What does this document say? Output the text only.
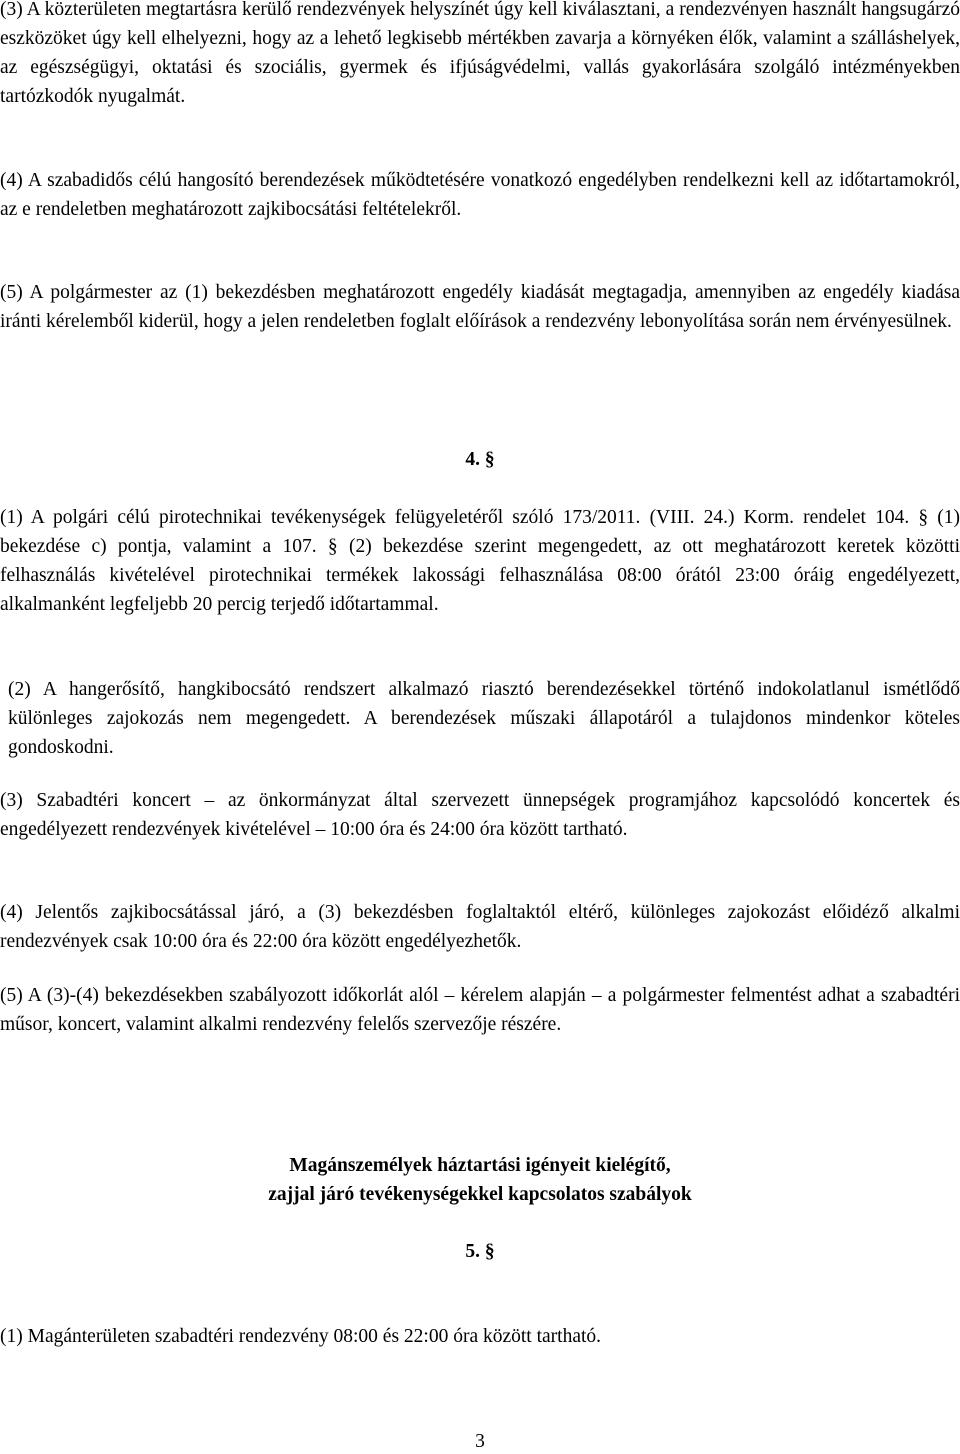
(3) A közterületen megtartásra kerülő rendezvények helyszínét úgy kell kiválasztani, a rendezvényen használt hangsugárzó eszközöket úgy kell elhelyezni, hogy az a lehető legkisebb mértékben zavarja a környéken élők, valamint a szálláshelyek, az egészségügyi, oktatási és szociális, gyermek és ifjúságvédelmi, vallás gyakorlására szolgáló intézményekben tartózkodók nyugalmát.

(4) A szabadidős célú hangosító berendezések működtetésére vonatkozó engedélyben rendelkezni kell az időtartamokról, az e rendeletben meghatározott zajkibocsátási feltételekről.

(5) A polgármester az (1) bekezdésben meghatározott engedély kiadását megtagadja, amennyiben az engedély kiadása iránti kérelemből kiderül, hogy a jelen rendeletben foglalt előírások a rendezvény lebonyolítása során nem érvényesülnek.

4. §

(1) A polgári célú pirotechnikai tevékenységek felügyeletéről szóló 173/2011. (VIII. 24.) Korm. rendelet 104. § (1) bekezdése c) pontja, valamint a 107. § (2) bekezdése szerint megengedett, az ott meghatározott keretek közötti felhasználás kivételével pirotechnikai termékek lakossági felhasználása 08:00 órától 23:00 óráig engedélyezett, alkalmanként legfeljebb 20 percig terjedő időtartammal.

(2) A hangerősítő, hangkibocsátó rendszert alkalmazó riasztó berendezésekkel történő indokolatlanul ismétlődő különleges zajokozás nem megengedett. A berendezések műszaki állapotáról a tulajdonos mindenkor köteles gondoskodni.

(3) Szabadtéri koncert – az önkormányzat által szervezett ünnepségek programjához kapcsolódó koncertek és engedélyezett rendezvények kivételével – 10:00 óra és 24:00 óra között tartható.

(4) Jelentős zajkibocsátással járó, a (3) bekezdésben foglaltaktól eltérő, különleges zajokozást előidéző alkalmi rendezvények csak 10:00 óra és 22:00 óra között engedélyezhetők.

(5) A (3)-(4) bekezdésekben szabályozott időkorlát alól – kérelem alapján – a polgármester felmentést adhat a szabadtéri műsor, koncert, valamint alkalmi rendezvény felelős szervezője részére.

Magánszemélyek háztartási igényeit kielégítő,
zajjal járó tevékenységekkel kapcsolatos szabályok
5. §

(1) Magánterületen szabadtéri rendezvény 08:00 és 22:00 óra között tartható.

3
